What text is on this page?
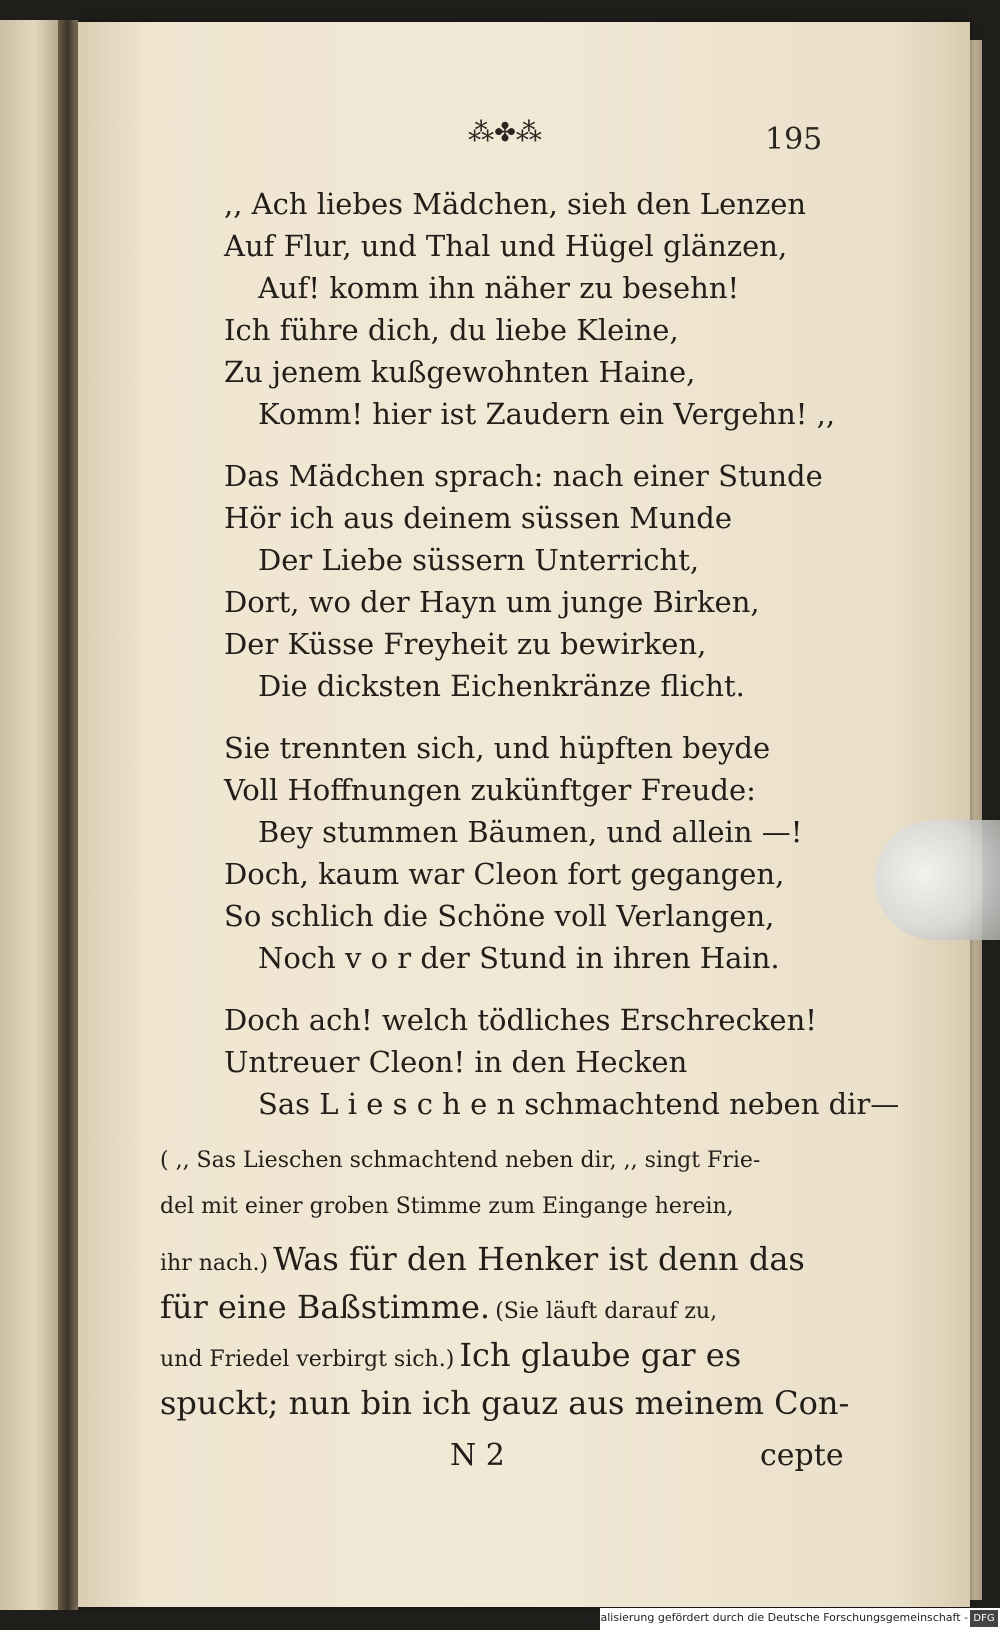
⁂✤⁂	195
,, Ach liebes Mädchen, sieh den Lenzen
Auf Flur, und Thal und Hügel glänzen,
Auf! komm ihn näher zu besehn!
Ich führe dich, du liebe Kleine,
Zu jenem kußgewohnten Haine,
Komm! hier ist Zaudern ein Vergehn! ,,
Das Mädchen sprach: nach einer Stunde
Hör ich aus deinem süssen Munde
Der Liebe süssern Unterricht,
Dort, wo der Hayn um junge Birken,
Der Küsse Freyheit zu bewirken,
Die dicksten Eichenkränze flicht.
Sie trennten sich, und hüpften beyde
Voll Hoffnungen zukünftger Freude:
Bey stummen Bäumen, und allein —!
Doch, kaum war Cleon fort gegangen,
So schlich die Schöne voll Verlangen,
Noch v o r der Stund in ihren Hain.
Doch ach! welch tödliches Erschrecken!
Untreuer Cleon! in den Hecken
Sas L i e s c h e n schmachtend neben dir—
( ,, Sas Lieschen schmachtend neben dir, ,, singt Frie-
del mit einer groben Stimme zum Eingange herein,
ihr nach.) Was für den Henker ist denn das
für eine Baßstimme. (Sie läuft darauf zu,
und Friedel verbirgt sich.) Ich glaube gar es
spuckt; nun bin ich gauz aus meinem Con-
N 2	cepte
Digitalisierung gefördert durch die Deutsche Forschungsgemeinschaft - DFG
